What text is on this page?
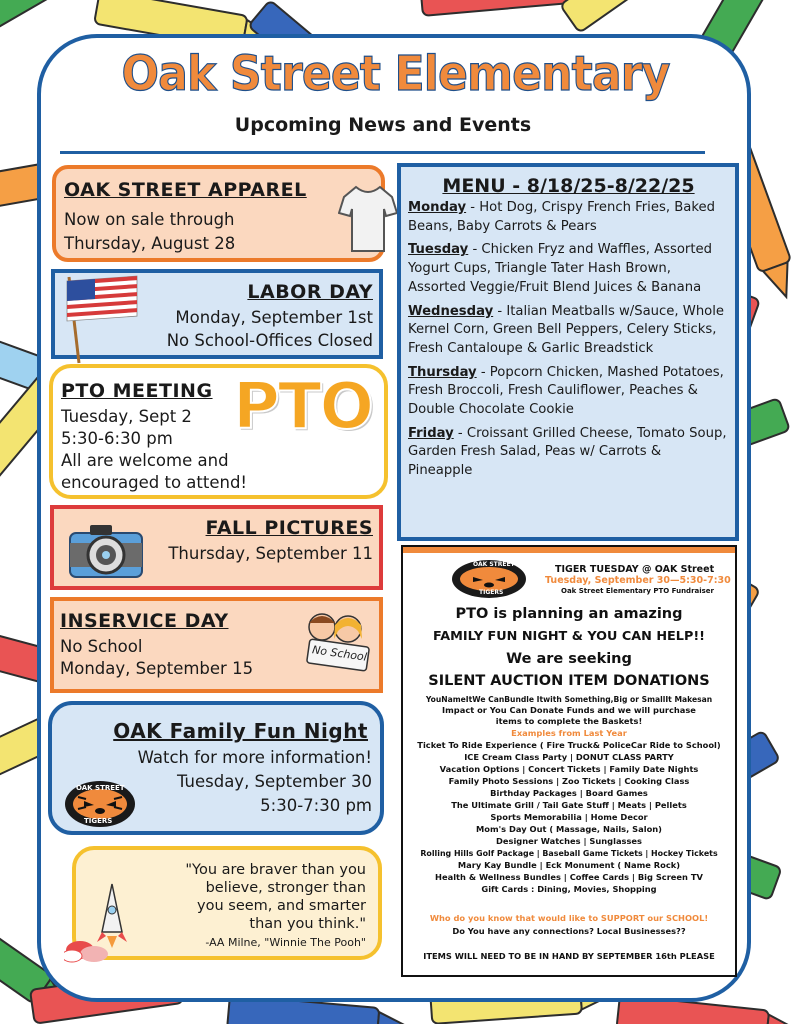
Oak Street Elementary
Upcoming News and Events
OAK STREET APPAREL
Now on sale through
Thursday, August 28
LABOR DAY
Monday, September 1st
No School-Offices Closed
PTO MEETING
Tuesday, Sept 2
5:30-6:30 pm
All are welcome and
encouraged to attend!
PTO
FALL PICTURES
Thursday, September 11
INSERVICE DAY
No School
Monday, September 15
No School
OAK Family Fun Night
Watch for more information!
Tuesday, September 30
5:30-7:30 pm
OAK STREET
TIGERS
"You are braver than you
believe, stronger than
you seem, and smarter
than you think."
-AA Milne, "Winnie The Pooh"
MENU - 8/18/25-8/22/25

Monday - Hot Dog, Crispy French Fries, Baked Beans, Baby Carrots & Pears

Tuesday - Chicken Fryz and Waffles, Assorted Yogurt Cups, Triangle Tater Hash Brown, Assorted Veggie/Fruit Blend Juices & Banana

Wednesday - Italian Meatballs w/Sauce, Whole Kernel Corn, Green Bell Peppers, Celery Sticks, Fresh Cantaloupe & Garlic Breadstick

Thursday - Popcorn Chicken, Mashed Potatoes, Fresh Broccoli, Fresh Cauliflower, Peaches & Double Chocolate Cookie

Friday - Croissant Grilled Cheese, Tomato Soup, Garden Fresh Salad, Peas w/ Carrots & Pineapple

OAK STREET
TIGERS
TIGER TUESDAY @ OAK Street
Tuesday, September 30—5:30-7:30
Oak Street Elementary PTO Fundraiser
PTO is planning an amazing
FAMILY FUN NIGHT & YOU CAN HELP!!
We are seeking
SILENT AUCTION ITEM DONATIONS
YouNameItWe CanBundle Itwith Something,Big or SmallIt Makesan
Impact or You Can Donate Funds and we will purchase
items to complete the Baskets!
Examples from Last Year
Ticket To Ride Experience ( Fire Truck& PoliceCar Ride to School)
ICE Cream Class Party | DONUT CLASS PARTY
Vacation Options | Concert Tickets | Family Date Nights
Family Photo Sessions | Zoo Tickets | Cooking Class
Birthday Packages | Board Games
The Ultimate Grill / Tail Gate Stuff | Meats | Pellets
Sports Memorabilia | Home Decor
Mom's Day Out ( Massage, Nails, Salon)
Designer Watches | Sunglasses
Rolling Hills Golf Package | Baseball Game Tickets | Hockey Tickets
Mary Kay Bundle | Eck Monument ( Name Rock)
Health & Wellness Bundles | Coffee Cards | Big Screen TV
Gift Cards : Dining, Movies, Shopping
Who do you know that would like to SUPPORT our SCHOOL!
Do You have any connections? Local Businesses??
ITEMS WILL NEED TO BE IN HAND BY SEPTEMBER 16th PLEASE
